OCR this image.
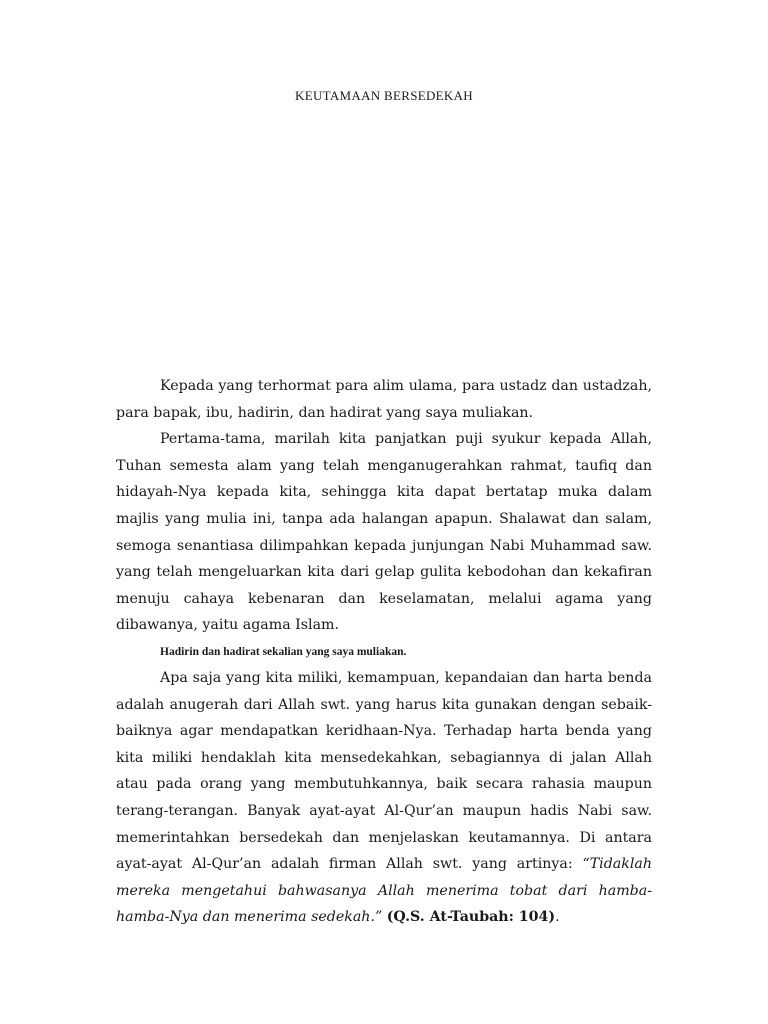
KEUTAMAAN BERSEDEKAH

Kepada yang terhormat para alim ulama, para ustadz dan ustadzah, para bapak, ibu, hadirin, dan hadirat yang saya muliakan.

Pertama-tama, marilah kita panjatkan puji syukur kepada Allah, Tuhan semesta alam yang telah menganugerahkan rahmat, taufiq dan hidayah-Nya kepada kita, sehingga kita dapat bertatap muka dalam majlis yang mulia ini, tanpa ada halangan apapun. Shalawat dan salam, semoga senantiasa dilimpahkan kepada junjungan Nabi Muhammad saw. yang telah mengeluarkan kita dari gelap gulita kebodohan dan kekafiran menuju cahaya kebenaran dan keselamatan, melalui agama yang dibawanya, yaitu agama Islam.

Hadirin dan hadirat sekalian yang saya muliakan.

Apa saja yang kita miliki, kemampuan, kepandaian dan harta benda adalah anugerah dari Allah swt. yang harus kita gunakan dengan sebaik-baiknya agar mendapatkan keridhaan-Nya. Terhadap harta benda yang kita miliki hendaklah kita mensedekahkan, sebagiannya di jalan Allah atau pada orang yang membutuhkannya, baik secara rahasia maupun terang-terangan. Banyak ayat-ayat Al-Qur’an maupun hadis Nabi saw. memerintahkan bersedekah dan menjelaskan keutamannya. Di antara ayat-ayat Al-Qur’an adalah firman Allah swt. yang artinya: “Tidaklah mereka mengetahui bahwasanya Allah menerima tobat dari hamba-hamba-Nya dan menerima sedekah.” (Q.S. At-Taubah: 104).
